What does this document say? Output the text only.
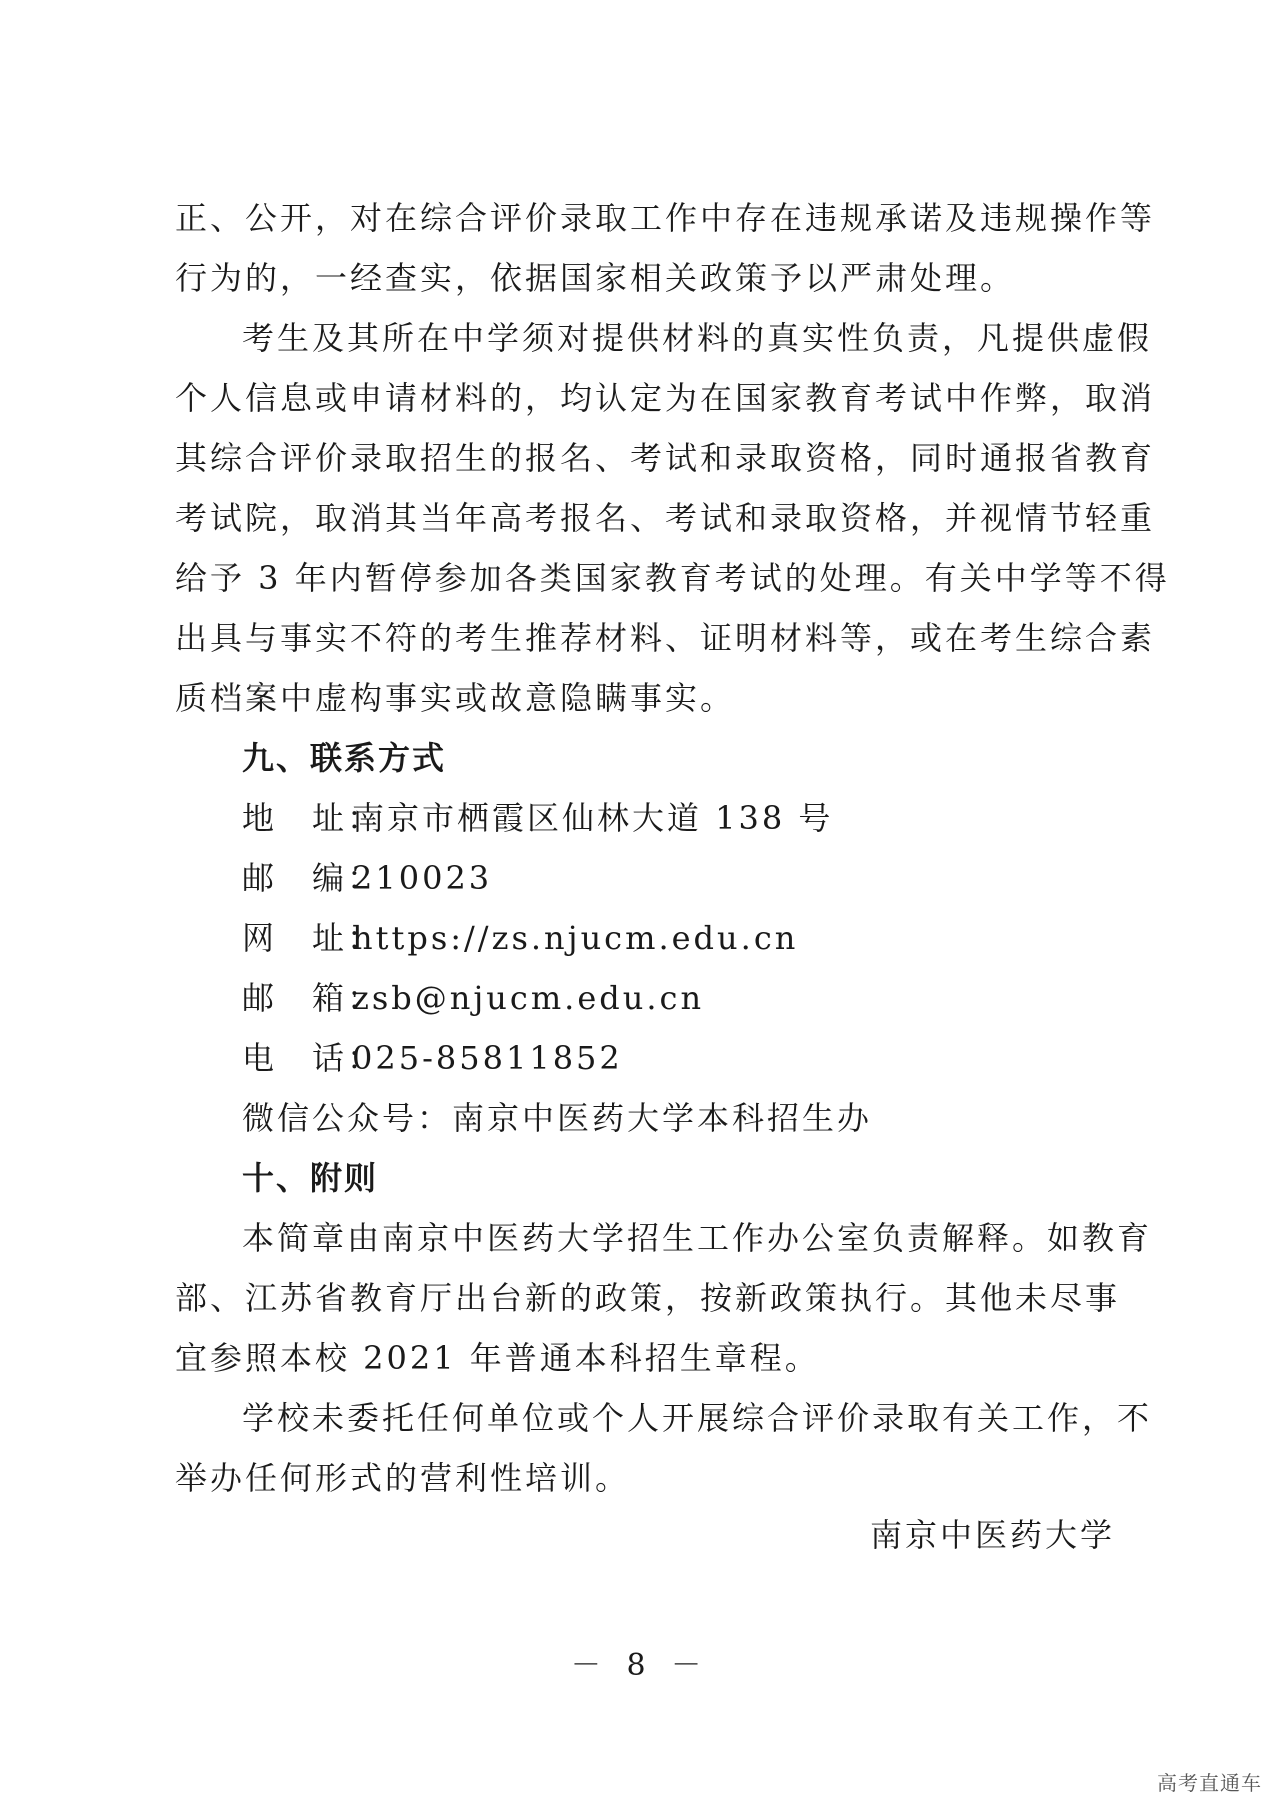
正、公开，对在综合评价录取工作中存在违规承诺及违规操作等
行为的，一经查实，依据国家相关政策予以严肃处理。
考生及其所在中学须对提供材料的真实性负责，凡提供虚假
个人信息或申请材料的，均认定为在国家教育考试中作弊，取消
其综合评价录取招生的报名、考试和录取资格，同时通报省教育
考试院，取消其当年高考报名、考试和录取资格，并视情节轻重
给予 3 年内暂停参加各类国家教育考试的处理。有关中学等不得
出具与事实不符的考生推荐材料、证明材料等，或在考生综合素
质档案中虚构事实或故意隐瞒事实。
九、联系方式
地　址：
南京市栖霞区仙林大道 138 号
邮　编：
210023
网　址：
https://zs.njucm.edu.cn
邮　箱：
zsb@njucm.edu.cn
电　话：
025-85811852
微信公众号： 南京中医药大学本科招生办
十、附则
本简章由南京中医药大学招生工作办公室负责解释。如教育
部、江苏省教育厅出台新的政策，按新政策执行。其他未尽事
宜参照本校 2021 年普通本科招生章程。
学校未委托任何单位或个人开展综合评价录取有关工作，不
举办任何形式的营利性培训。
南京中医药大学
－ 8 －
高考直通车
